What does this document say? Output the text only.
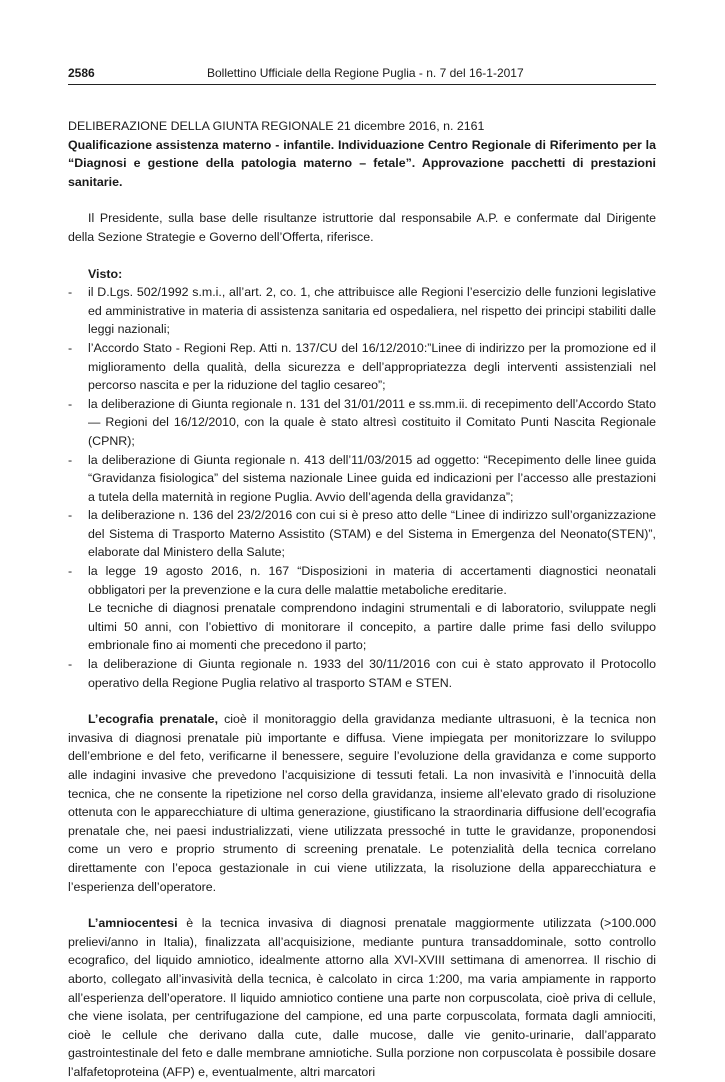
2586	Bollettino Ufficiale della Regione Puglia - n. 7 del 16-1-2017
DELIBERAZIONE DELLA GIUNTA REGIONALE 21 dicembre 2016, n. 2161
Qualificazione assistenza materno - infantile. Individuazione Centro Regionale di Riferimento per la “Diagnosi e gestione della patologia materno – fetale”. Approvazione pacchetti di prestazioni sanitarie.
Il Presidente, sulla base delle risultanze istruttorie dal responsabile A.P. e confermate dal Dirigente della Sezione Strategie e Governo dell’Offerta, riferisce.
Visto:
- il D.Lgs. 502/1992 s.m.i., all’art. 2, co. 1, che attribuisce alle Regioni l’esercizio delle funzioni legislative ed amministrative in materia di assistenza sanitaria ed ospedaliera, nel rispetto dei principi stabiliti dalle leggi nazionali;
- l’Accordo Stato - Regioni Rep. Atti n. 137/CU del 16/12/2010:”Linee di indirizzo per la promozione ed il miglioramento della qualità, della sicurezza e dell’appropriatezza degli interventi assistenziali nel percorso nascita e per la riduzione del taglio cesareo”;
- la deliberazione di Giunta regionale n. 131 del 31/01/2011 e ss.mm.ii. di recepimento dell’Accordo Stato — Regioni del 16/12/2010, con la quale è stato altresì costituito il Comitato Punti Nascita Regionale (CPNR);
- la deliberazione di Giunta regionale n. 413 dell’11/03/2015 ad oggetto: “Recepimento delle linee guida “Gravidanza fisiologica” del sistema nazionale Linee guida ed indicazioni per l’accesso alle prestazioni a tutela della maternità in regione Puglia. Avvio dell’agenda della gravidanza”;
- la deliberazione n. 136 del 23/2/2016 con cui si è preso atto delle “Linee di indirizzo sull’organizzazione del Sistema di Trasporto Materno Assistito (STAM) e del Sistema in Emergenza del Neonato(STEN)”, elaborate dal Ministero della Salute;
- la legge 19 agosto 2016, n. 167 “Disposizioni in materia di accertamenti diagnostici neonatali obbligatori per la prevenzione e la cura delle malattie metaboliche ereditarie.
Le tecniche di diagnosi prenatale comprendono indagini strumentali e di laboratorio, sviluppate negli ultimi 50 anni, con l’obiettivo di monitorare il concepito, a partire dalle prime fasi dello sviluppo embrionale fino ai momenti che precedono il parto;
- la deliberazione di Giunta regionale n. 1933 del 30/11/2016 con cui è stato approvato il Protocollo operativo della Regione Puglia relativo al trasporto STAM e STEN.
L’ecografia prenatale, cioè il monitoraggio della gravidanza mediante ultrasuoni, è la tecnica non invasiva di diagnosi prenatale più importante e diffusa. Viene impiegata per monitorizzare lo sviluppo dell’embrione e del feto, verificarne il benessere, seguire l’evoluzione della gravidanza e come supporto alle indagini invasive che prevedono l’acquisizione di tessuti fetali. La non invasività e l’innocuità della tecnica, che ne consente la ripetizione nel corso della gravidanza, insieme all’elevato grado di risoluzione ottenuta con le apparecchiature di ultima generazione, giustificano la straordinaria diffusione dell’ecografia prenatale che, nei paesi industrializzati, viene utilizzata pressoché in tutte le gravidanze, proponendosi come un vero e proprio strumento di screening prenatale. Le potenzialità della tecnica correlano direttamente con l’epoca gestazionale in cui viene utilizzata, la risoluzione della apparecchiatura e l’esperienza dell’operatore.
L’amniocentesi è la tecnica invasiva di diagnosi prenatale maggiormente utilizzata (>100.000 prelievi/anno in Italia), finalizzata all’acquisizione, mediante puntura transaddominale, sotto controllo ecografico, del liquido amniotico, idealmente attorno alla XVI-XVIII settimana di amenorrea. Il rischio di aborto, collegato all’invasività della tecnica, è calcolato in circa 1:200, ma varia ampiamente in rapporto all’esperienza dell’operatore. Il liquido amniotico contiene una parte non corpuscolata, cioè priva di cellule, che viene isolata, per centrifugazione del campione, ed una parte corpuscolata, formata dagli amniociti, cioè le cellule che derivano dalla cute, dalle mucose, dalle vie genito-urinarie, dall’apparato gastrointestinale del feto e dalle membrane amniotiche. Sulla porzione non corpuscolata è possibile dosare l’alfafetoproteina (AFP) e, eventualmente, altri marcatori
